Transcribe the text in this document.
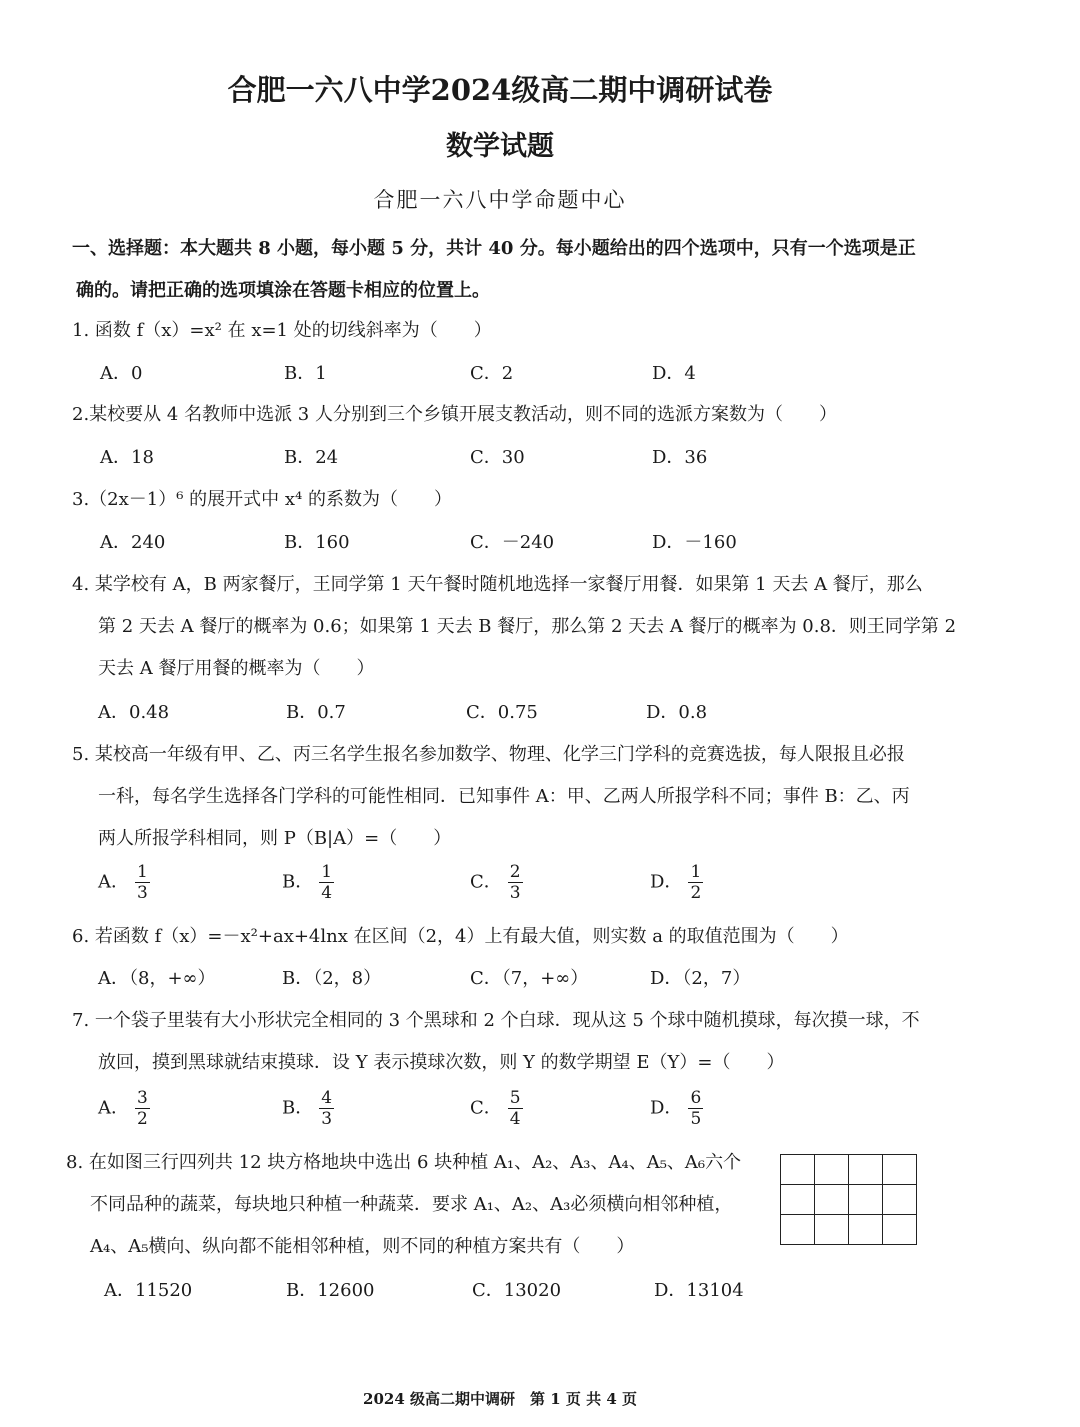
合肥一六八中学2024级高二期中调研试卷
数学试题
合肥一六八中学命题中心
一、选择题：本大题共 8 小题，每小题 5 分，共计 40 分。每小题给出的四个选项中，只有一个选项是正
确的。请把正确的选项填涂在答题卡相应的位置上。
1. 函数 f（x）=x² 在 x=1 处的切线斜率为（　　）
A．0	B．1	C．2	D．4
2.某校要从 4 名教师中选派 3 人分别到三个乡镇开展支教活动，则不同的选派方案数为（　　）
A．18	B．24	C．30	D．36
3.（2x－1）⁶ 的展开式中 x⁴ 的系数为（　　）
A．240	B．160	C．－240	D．－160
4. 某学校有 A，B 两家餐厅，王同学第 1 天午餐时随机地选择一家餐厅用餐．如果第 1 天去 A 餐厅，那么
第 2 天去 A 餐厅的概率为 0.6；如果第 1 天去 B 餐厅，那么第 2 天去 A 餐厅的概率为 0.8．则王同学第 2
天去 A 餐厅用餐的概率为（　　）
A．0.48	B．0.7	C．0.75	D．0.8
5. 某校高一年级有甲、乙、丙三名学生报名参加数学、物理、化学三门学科的竞赛选拔，每人限报且必报
一科，每名学生选择各门学科的可能性相同．已知事件 A：甲、乙两人所报学科不同；事件 B：乙、丙
两人所报学科相同，则 P（B|A）=（　　）
A． $\frac{1}{3}$	B． $\frac{1}{4}$	C． $\frac{2}{3}$	D． $\frac{1}{2}$
6. 若函数 f（x）=－x²+ax+4lnx 在区间（2，4）上有最大值，则实数 a 的取值范围为（　　）
A．（8，+∞）	B．（2，8）	C．（7，+∞）	D．（2，7）
7. 一个袋子里装有大小形状完全相同的 3 个黑球和 2 个白球．现从这 5 个球中随机摸球，每次摸一球，不
放回，摸到黑球就结束摸球．设 Y 表示摸球次数，则 Y 的数学期望 E（Y）=（　　）
A． $\frac{3}{2}$	B． $\frac{4}{3}$	C． $\frac{5}{4}$	D． $\frac{6}{5}$
8. 在如图三行四列共 12 块方格地块中选出 6 块种植 A₁、A₂、A₃、A₄、A₅、A₆六个
不同品种的蔬菜，每块地只种植一种蔬菜．要求 A₁、A₂、A₃必须横向相邻种植，
A₄、A₅横向、纵向都不能相邻种植，则不同的种植方案共有（　　）
A．11520	B．12600	C．13020	D．13104
2024 级高二期中调研　第 1 页 共 4 页
